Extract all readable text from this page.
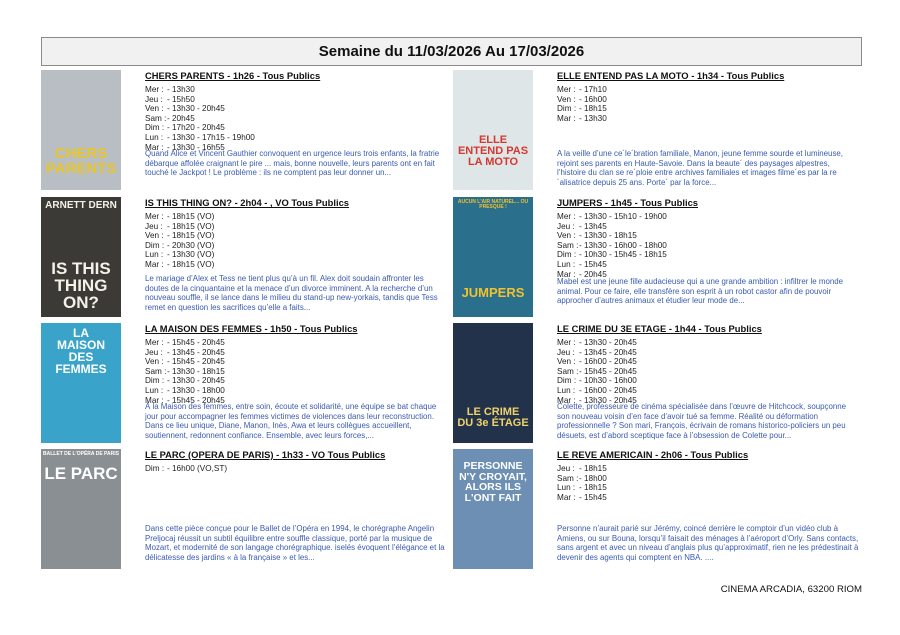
Semaine du 11/03/2026 Au 17/03/2026
CHERS
PARENTS
CHERS PARENTS - 1h26 - Tous Publics
Mer : - 13h30
Jeu : - 15h50
Ven : - 13h30 - 20h45
Sam :- 20h45
Dim : - 17h20 - 20h45
Lun : - 13h30 - 17h15 - 19h00
Mar : - 13h30 - 16h55
Quand Alice et Vincent Gauthier convoquent en urgence leurs trois enfants, la fratrie débarque affolée craignant le pire ... mais, bonne nouvelle, leurs parents ont en fait touché le Jackpot ! Le problème : ils ne comptent pas leur donner un...
ELLE ENTEND PAS
LA MOTO
ELLE ENTEND PAS LA MOTO - 1h34 - Tous Publics
Mer : - 17h10
Ven : - 16h00
Dim : - 18h15
Mar : - 13h30
A la veille d’une ce´le´bration familiale, Manon, jeune femme sourde et lumineuse, rejoint ses parents en Haute-Savoie. Dans la beaute´ des paysages alpestres, l’histoire du clan se re´ploie entre archives familiales et images filme´es par la re´alisatrice depuis 25 ans. Porte´ par la force...
ARNETT DERN
IS THIS
THING ON?
IS THIS THING ON? - 2h04 - , VO Tous Publics
Mer : - 18h15 (VO)
Jeu : - 18h15 (VO)
Ven : - 18h15 (VO)
Dim : - 20h30 (VO)
Lun : - 13h30 (VO)
Mar : - 18h15 (VO)
Le mariage d’Alex et Tess ne tient plus qu’à un fil. Alex doit soudain affronter les doutes de la cinquantaine et la menace d’un divorce imminent. A la recherche d’un nouveau souffle, il se lance dans le milieu du stand-up new-yorkais, tandis que Tess remet en question les sacrifices qu’elle a faits...
AUCUN L'AIR NATUREL... OU PRESQUE !
JUMPERS
JUMPERS - 1h45 - Tous Publics
Mer : - 13h30 - 15h10 - 19h00
Jeu : - 13h45
Ven : - 13h30 - 18h15
Sam :- 13h30 - 16h00 - 18h00
Dim : - 10h30 - 15h45 - 18h15
Lun : - 15h45
Mar : - 20h45
Mabel est une jeune fille audacieuse qui a une grande ambition : infiltrer le monde animal. Pour ce faire, elle transfère son esprit à un robot castor afin de pouvoir approcher d’autres animaux et étudier leur mode de...
LA
MAISON
DES
FEMMES
LA MAISON DES FEMMES - 1h50 - Tous Publics
Mer : - 15h45 - 20h45
Jeu : - 13h45 - 20h45
Ven : - 15h45 - 20h45
Sam :- 13h30 - 18h15
Dim : - 13h30 - 20h45
Lun : - 13h30 - 18h00
Mar : - 15h45 - 20h45
À la Maison des femmes, entre soin, écoute et solidarité, une équipe se bat chaque jour pour accompagner les femmes victimes de violences dans leur reconstruction. Dans ce lieu unique, Diane, Manon, Inès, Awa et leurs collègues accueillent, soutiennent, redonnent confiance. Ensemble, avec leurs forces,...
LE CRIME
DU 3e ÉTAGE
LE CRIME DU 3E ETAGE - 1h44 - Tous Publics
Mer : - 13h30 - 20h45
Jeu : - 13h45 - 20h45
Ven : - 16h00 - 20h45
Sam :- 15h45 - 20h45
Dim : - 10h30 - 16h00
Lun : - 16h00 - 20h45
Mar : - 13h30 - 20h45
Colette, professeure de cinéma spécialisée dans l’œuvre de Hitchcock, soupçonne son nouveau voisin d’en face d’avoir tué sa femme. Réalité ou déformation professionnelle ? Son mari, François, écrivain de romans historico-policiers un peu désuets, est d’abord sceptique face à l’obsession de Colette pour...
BALLET DE L'OPÉRA DE PARIS
LE PARC
LE PARC (OPERA DE PARIS) - 1h33 - VO Tous Publics
Dim : - 16h00 (VO,ST)
Dans cette pièce conçue pour le Ballet de l’Opéra en 1994, le chorégraphe Angelin Preljocaj réussit un subtil équilibre entre souffle classique, porté par la musique de Mozart, et modernité de son langage chorégraphique. iselés évoquent l’élégance et la délicatesse des jardins « à la française » et les...
PERSONNE
N'Y CROYAIT,
ALORS ILS
L'ONT FAIT
LE REVE AMERICAIN - 2h06 - Tous Publics
Jeu : - 18h15
Sam :- 18h00
Lun : - 18h15
Mar : - 15h45
Personne n’aurait parié sur Jérémy, coincé derrière le comptoir d’un vidéo club à Amiens, ou sur Bouna, lorsqu’il faisait des ménages à l’aéroport d’Orly. Sans contacts, sans argent et avec un niveau d’anglais plus qu’approximatif, rien ne les prédestinait à devenir des agents qui comptent en NBA. ....
CINEMA ARCADIA, 63200 RIOM
